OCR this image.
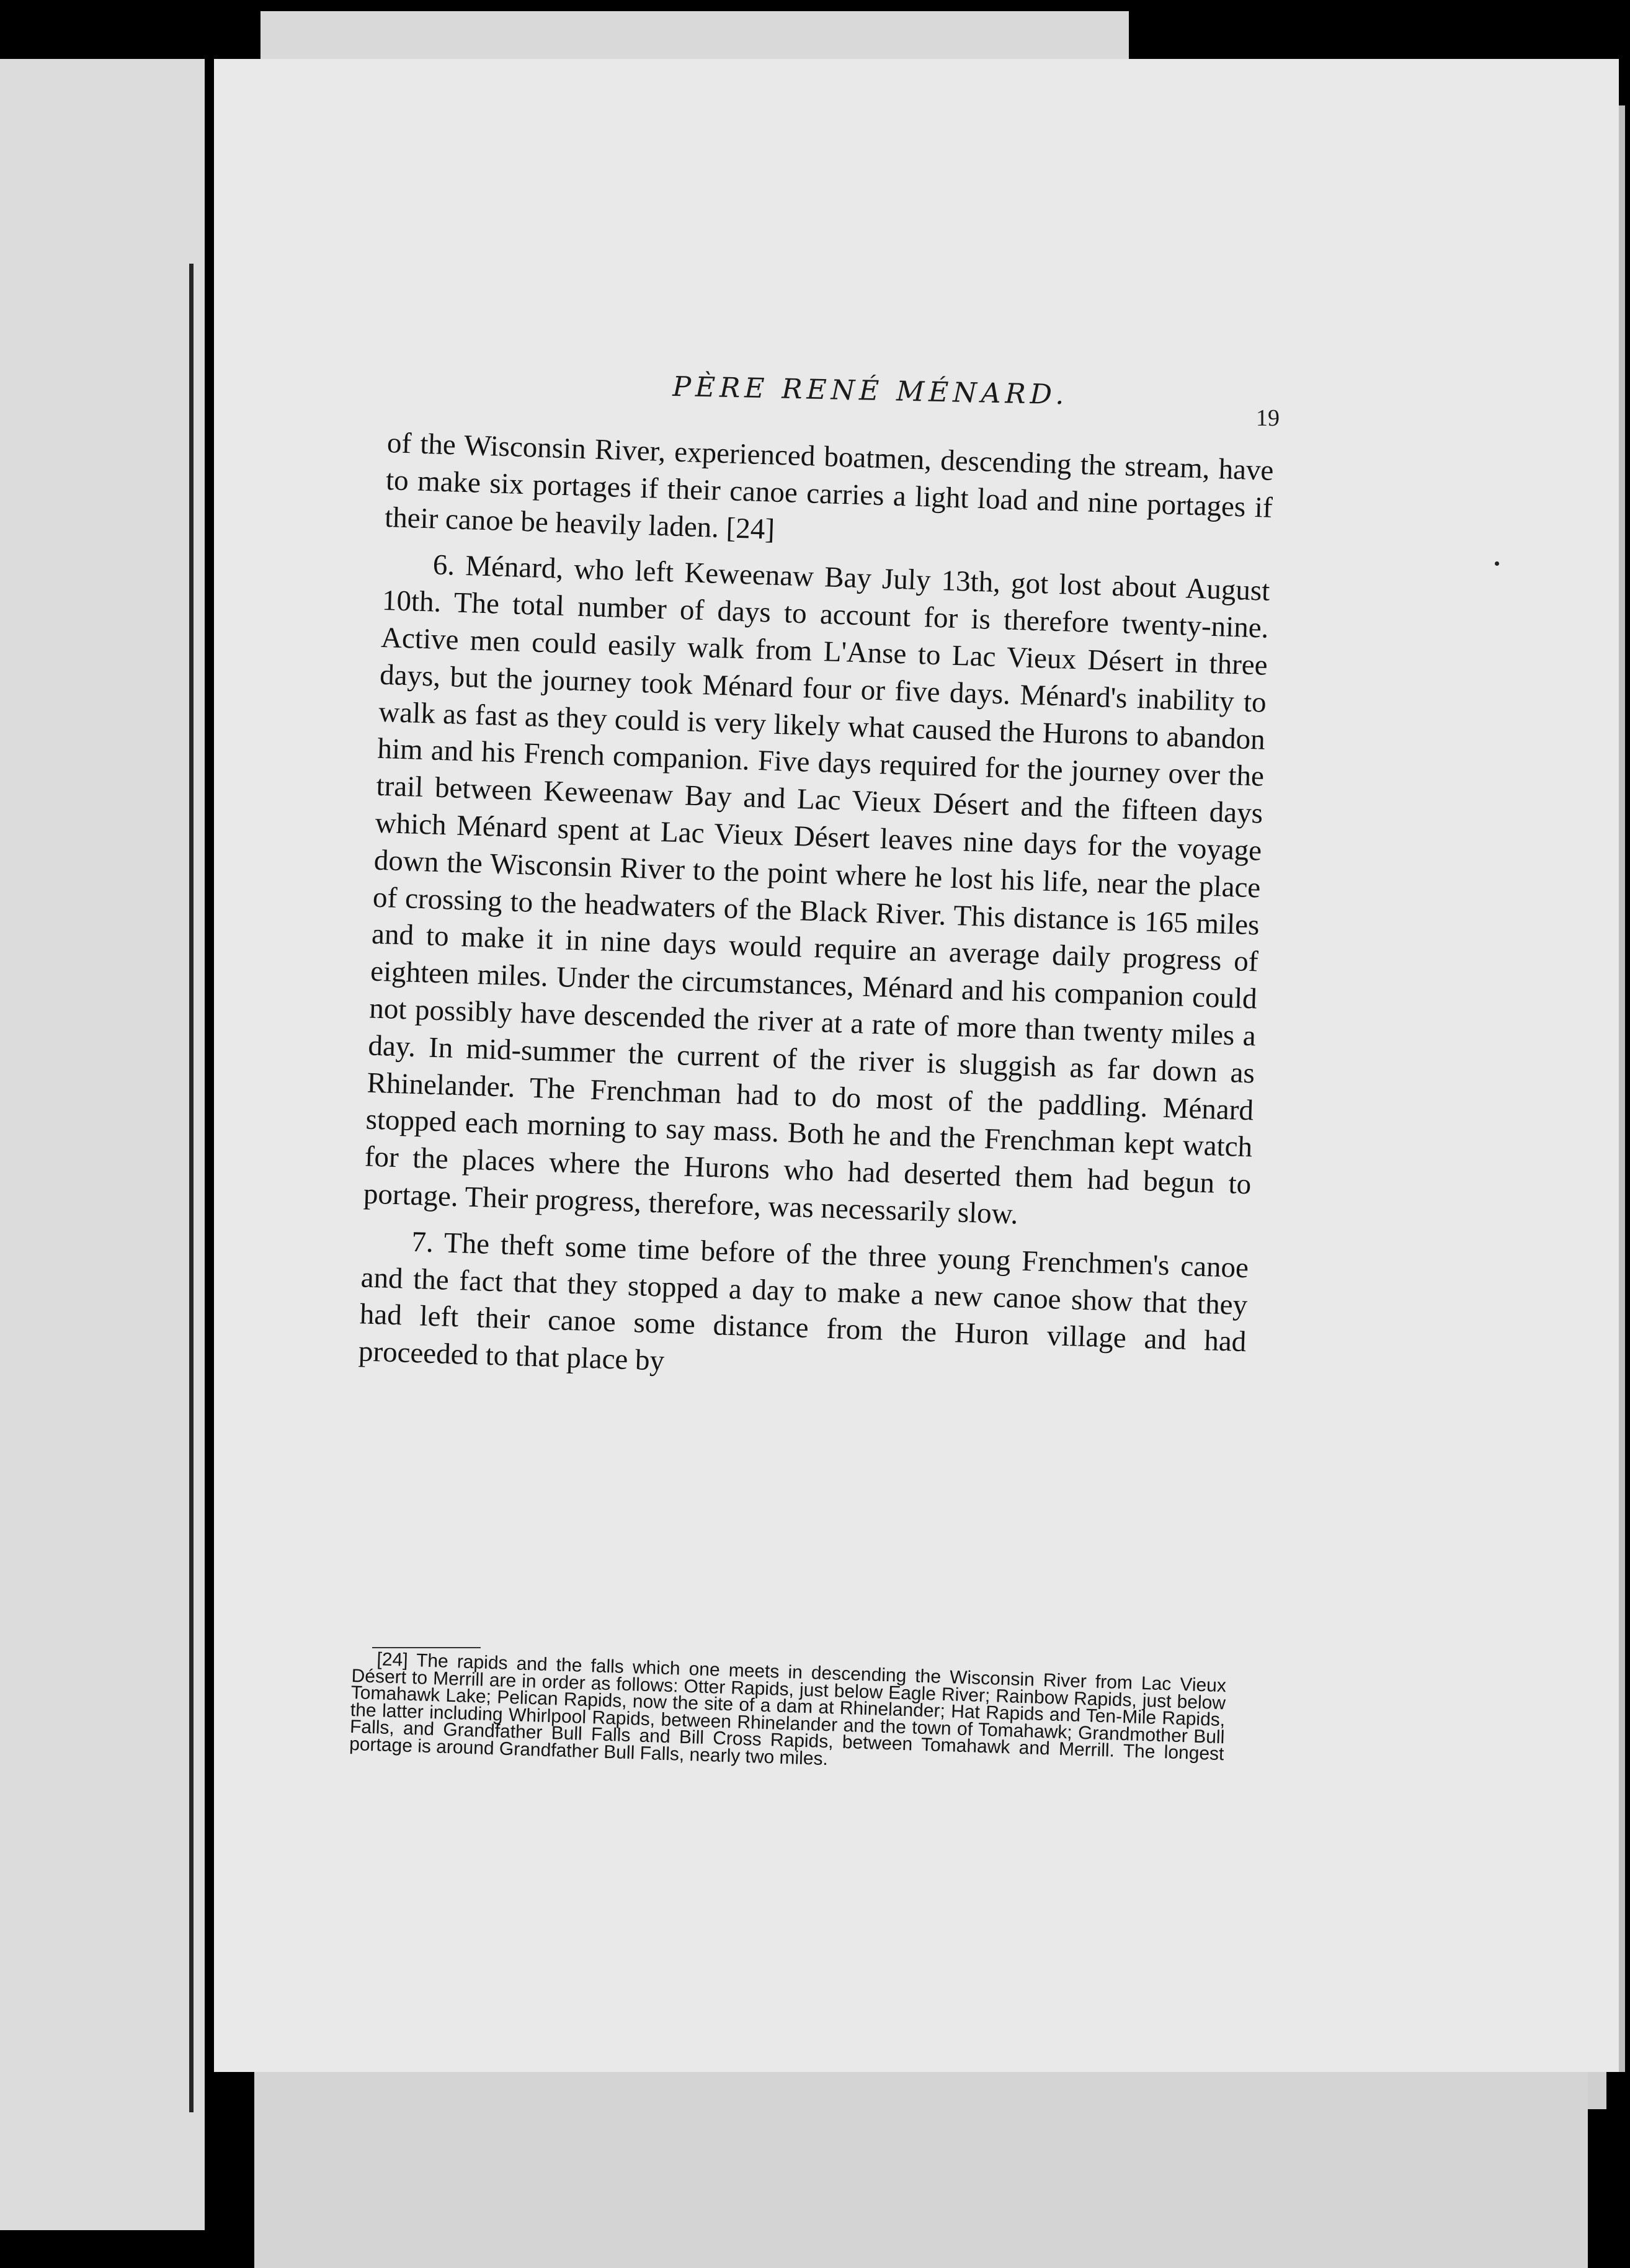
PÈRE RENÉ MÉNARD.
19

of the Wisconsin River, experienced boatmen, descending the stream, have to make six portages if their canoe carries a light load and nine portages if their canoe be heavily laden. [24]

6. Ménard, who left Keweenaw Bay July 13th, got lost about August 10th. The total number of days to account for is therefore twenty-nine. Active men could easily walk from L'Anse to Lac Vieux Désert in three days, but the journey took Ménard four or five days. Ménard's inability to walk as fast as they could is very likely what caused the Hurons to abandon him and his French companion. Five days required for the journey over the trail between Keweenaw Bay and Lac Vieux Désert and the fifteen days which Ménard spent at Lac Vieux Désert leaves nine days for the voyage down the Wisconsin River to the point where he lost his life, near the place of crossing to the headwaters of the Black River. This distance is 165 miles and to make it in nine days would require an average daily progress of eighteen miles. Under the circumstances, Ménard and his companion could not possibly have descended the river at a rate of more than twenty miles a day. In mid-summer the current of the river is sluggish as far down as Rhinelander. The Frenchman had to do most of the paddling. Ménard stopped each morning to say mass. Both he and the Frenchman kept watch for the places where the Hurons who had deserted them had begun to portage. Their progress, therefore, was necessarily slow.

7. The theft some time before of the three young Frenchmen's canoe and the fact that they stopped a day to make a new canoe show that they had left their canoe some distance from the Huron village and had proceeded to that place by

[24] The rapids and the falls which one meets in descending the Wisconsin River from Lac Vieux Désert to Merrill are in order as follows: Otter Rapids, just below Eagle River; Rainbow Rapids, just below Tomahawk Lake; Pelican Rapids, now the site of a dam at Rhinelander; Hat Rapids and Ten-Mile Rapids, the latter including Whirlpool Rapids, between Rhinelander and the town of Tomahawk; Grandmother Bull Falls, and Grandfather Bull Falls and Bill Cross Rapids, between Tomahawk and Merrill. The longest portage is around Grandfather Bull Falls, nearly two miles.
